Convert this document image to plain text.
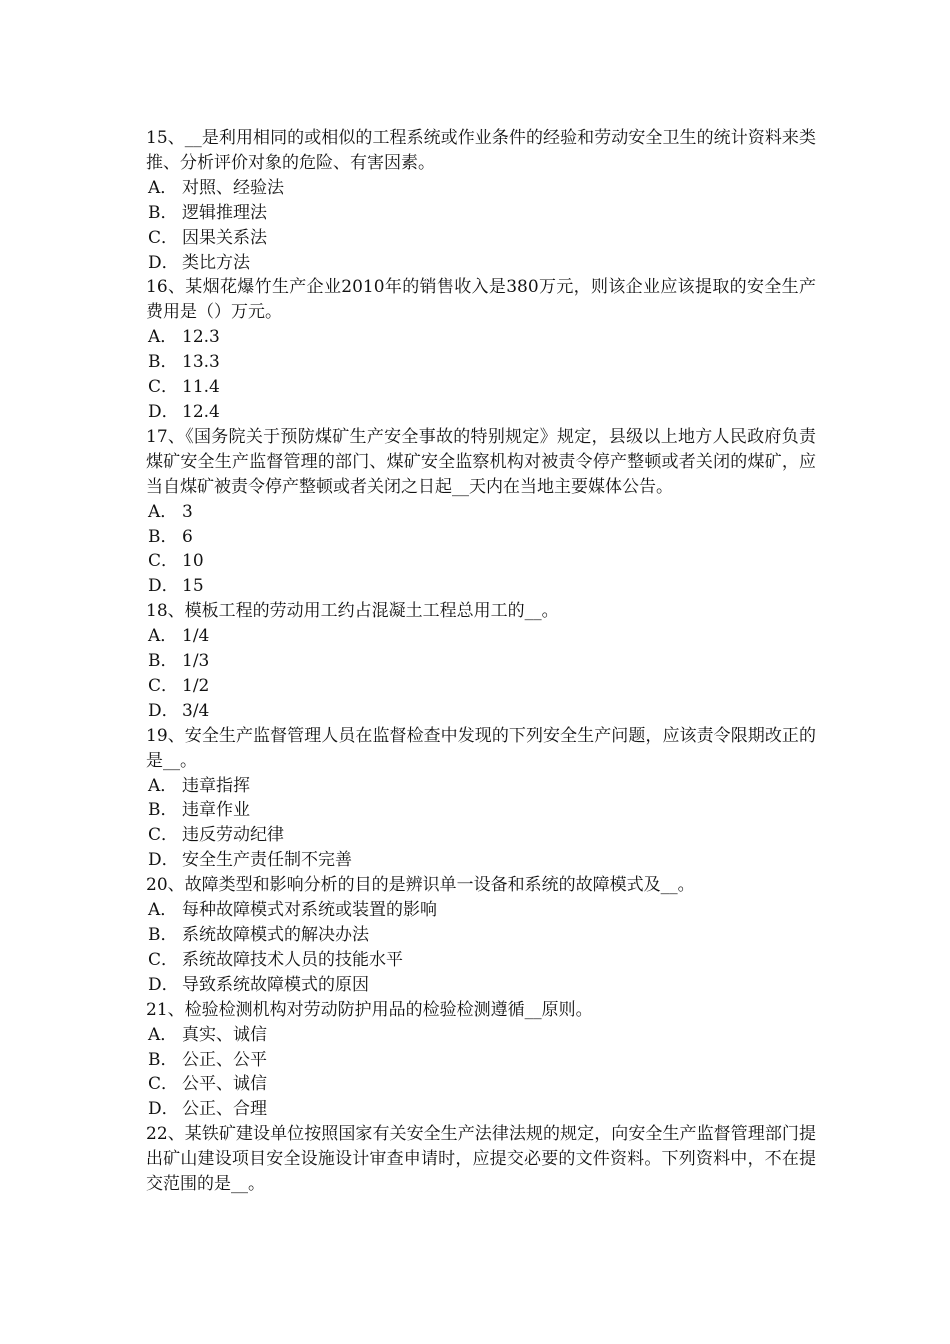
15、__是利用相同的或相似的工程系统或作业条件的经验和劳动安全卫生的统计资料来类推、分析评价对象的危险、有害因素。

A． 对照、经验法

B． 逻辑推理法

C． 因果关系法

D． 类比方法

16、某烟花爆竹生产企业2010年的销售收入是380万元，则该企业应该提取的安全生产费用是（）万元。

A． 12.3

B． 13.3

C． 11.4

D． 12.4

17、《国务院关于预防煤矿生产安全事故的特别规定》规定，县级以上地方人民政府负责煤矿安全生产监督管理的部门、煤矿安全监察机构对被责令停产整顿或者关闭的煤矿，应当自煤矿被责令停产整顿或者关闭之日起__天内在当地主要媒体公告。

A． 3

B． 6

C． 10

D． 15

18、模板工程的劳动用工约占混凝土工程总用工的__。

A． 1/4

B． 1/3

C． 1/2

D． 3/4

19、安全生产监督管理人员在监督检查中发现的下列安全生产问题，应该责令限期改正的是__。

A． 违章指挥

B． 违章作业

C． 违反劳动纪律

D． 安全生产责任制不完善

20、故障类型和影响分析的目的是辨识单一设备和系统的故障模式及__。

A． 每种故障模式对系统或装置的影响

B． 系统故障模式的解决办法

C． 系统故障技术人员的技能水平

D． 导致系统故障模式的原因

21、检验检测机构对劳动防护用品的检验检测遵循__原则。

A． 真实、诚信

B． 公正、公平

C． 公平、诚信

D． 公正、合理

22、某铁矿建设单位按照国家有关安全生产法律法规的规定，向安全生产监督管理部门提出矿山建设项目安全设施设计审查申请时，应提交必要的文件资料。下列资料中，不在提交范围的是__。
